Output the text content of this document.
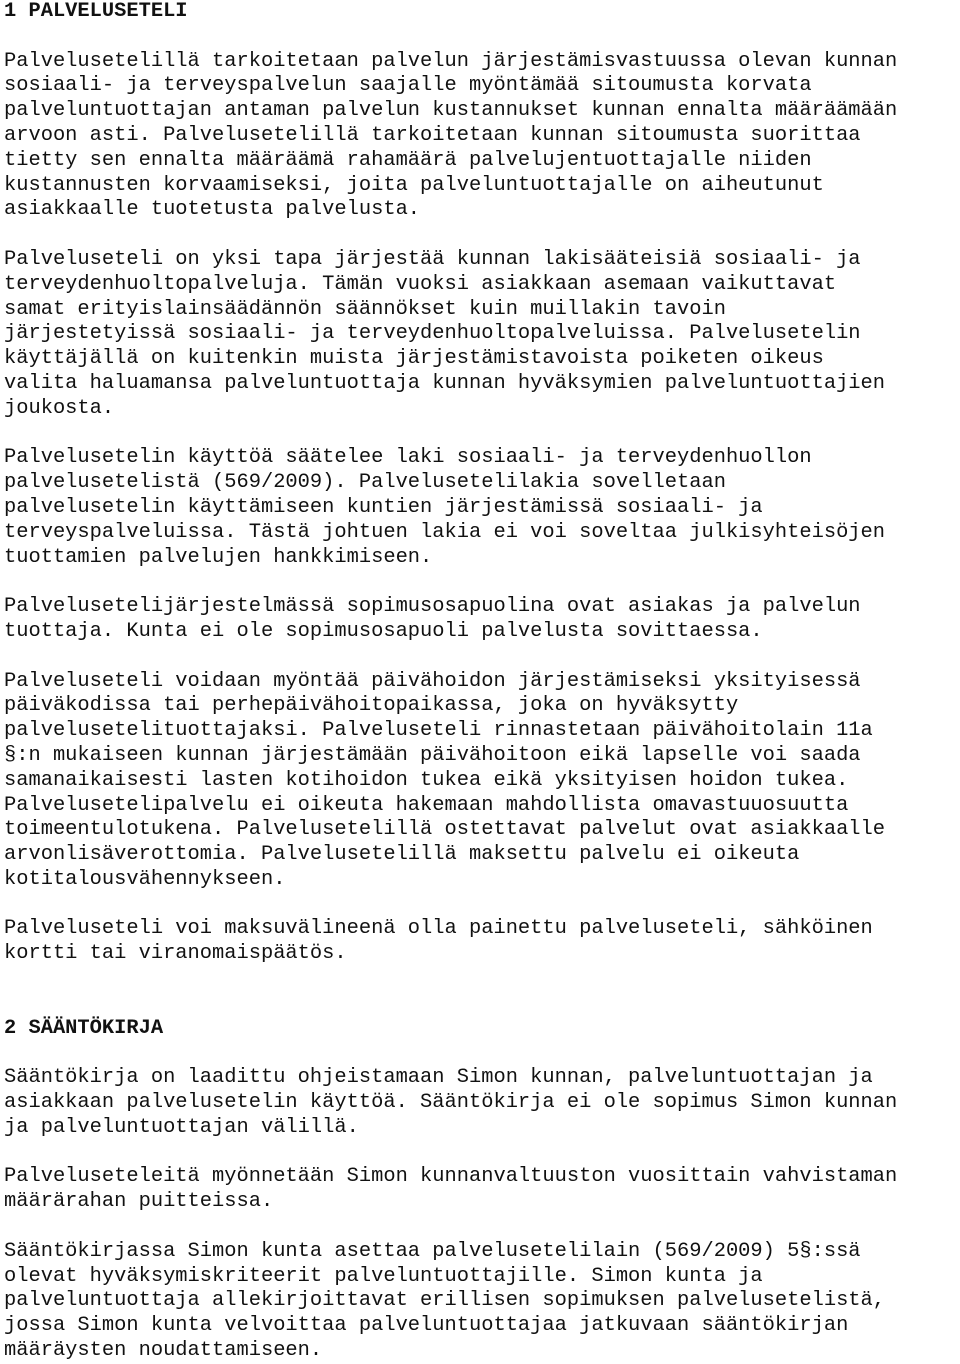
1 PALVELUSETELI
Palvelusetelillä tarkoitetaan palvelun järjestämisvastuussa olevan kunnan
sosiaali- ja terveyspalvelun saajalle myöntämää sitoumusta korvata
palveluntuottajan antaman palvelun kustannukset kunnan ennalta määräämään
arvoon asti. Palvelusetelillä tarkoitetaan kunnan sitoumusta suorittaa
tietty sen ennalta määräämä rahamäärä palvelujentuottajalle niiden
kustannusten korvaamiseksi, joita palveluntuottajalle on aiheutunut
asiakkaalle tuotetusta palvelusta.
Palveluseteli on yksi tapa järjestää kunnan lakisääteisiä sosiaali- ja
terveydenhuoltopalveluja. Tämän vuoksi asiakkaan asemaan vaikuttavat
samat erityislainsäädännön säännökset kuin muillakin tavoin
järjestetyissä sosiaali- ja terveydenhuoltopalveluissa. Palvelusetelin
käyttäjällä on kuitenkin muista järjestämistavoista poiketen oikeus
valita haluamansa palveluntuottaja kunnan hyväksymien palveluntuottajien
joukosta.
Palvelusetelin käyttöä säätelee laki sosiaali- ja terveydenhuollon
palvelusetelistä (569/2009). Palvelusetelilakia sovelletaan
palvelusetelin käyttämiseen kuntien järjestämissä sosiaali- ja
terveyspalveluissa. Tästä johtuen lakia ei voi soveltaa julkisyhteisöjen
tuottamien palvelujen hankkimiseen.
Palvelusetelijärjestelmässä sopimusosapuolina ovat asiakas ja palvelun
tuottaja. Kunta ei ole sopimusosapuoli palvelusta sovittaessa.
Palveluseteli voidaan myöntää päivähoidon järjestämiseksi yksityisessä
päiväkodissa tai perhepäivähoitopaikassa, joka on hyväksytty
palvelusetelituottajaksi. Palveluseteli rinnastetaan päivähoitolain 11a
§:n mukaiseen kunnan järjestämään päivähoitoon eikä lapselle voi saada
samanaikaisesti lasten kotihoidon tukea eikä yksityisen hoidon tukea.
Palvelusetelipalvelu ei oikeuta hakemaan mahdollista omavastuuosuutta
toimeentulotukena. Palvelusetelillä ostettavat palvelut ovat asiakkaalle
arvonlisäverottomia. Palvelusetelillä maksettu palvelu ei oikeuta
kotitalousvähennykseen.
Palveluseteli voi maksuvälineenä olla painettu palveluseteli, sähköinen
kortti tai viranomaispäätös.
2 SÄÄNTÖKIRJA
Sääntökirja on laadittu ohjeistamaan Simon kunnan, palveluntuottajan ja
asiakkaan palvelusetelin käyttöä. Sääntökirja ei ole sopimus Simon kunnan
ja palveluntuottajan välillä.
Palveluseteleitä myönnetään Simon kunnanvaltuuston vuosittain vahvistaman
määrärahan puitteissa.
Sääntökirjassa Simon kunta asettaa palvelusetelilain (569/2009) 5§:ssä
olevat hyväksymiskriteerit palveluntuottajille. Simon kunta ja
palveluntuottaja allekirjoittavat erillisen sopimuksen palvelusetelistä,
jossa Simon kunta velvoittaa palveluntuottajaa jatkuvaan sääntökirjan
määräysten noudattamiseen.
